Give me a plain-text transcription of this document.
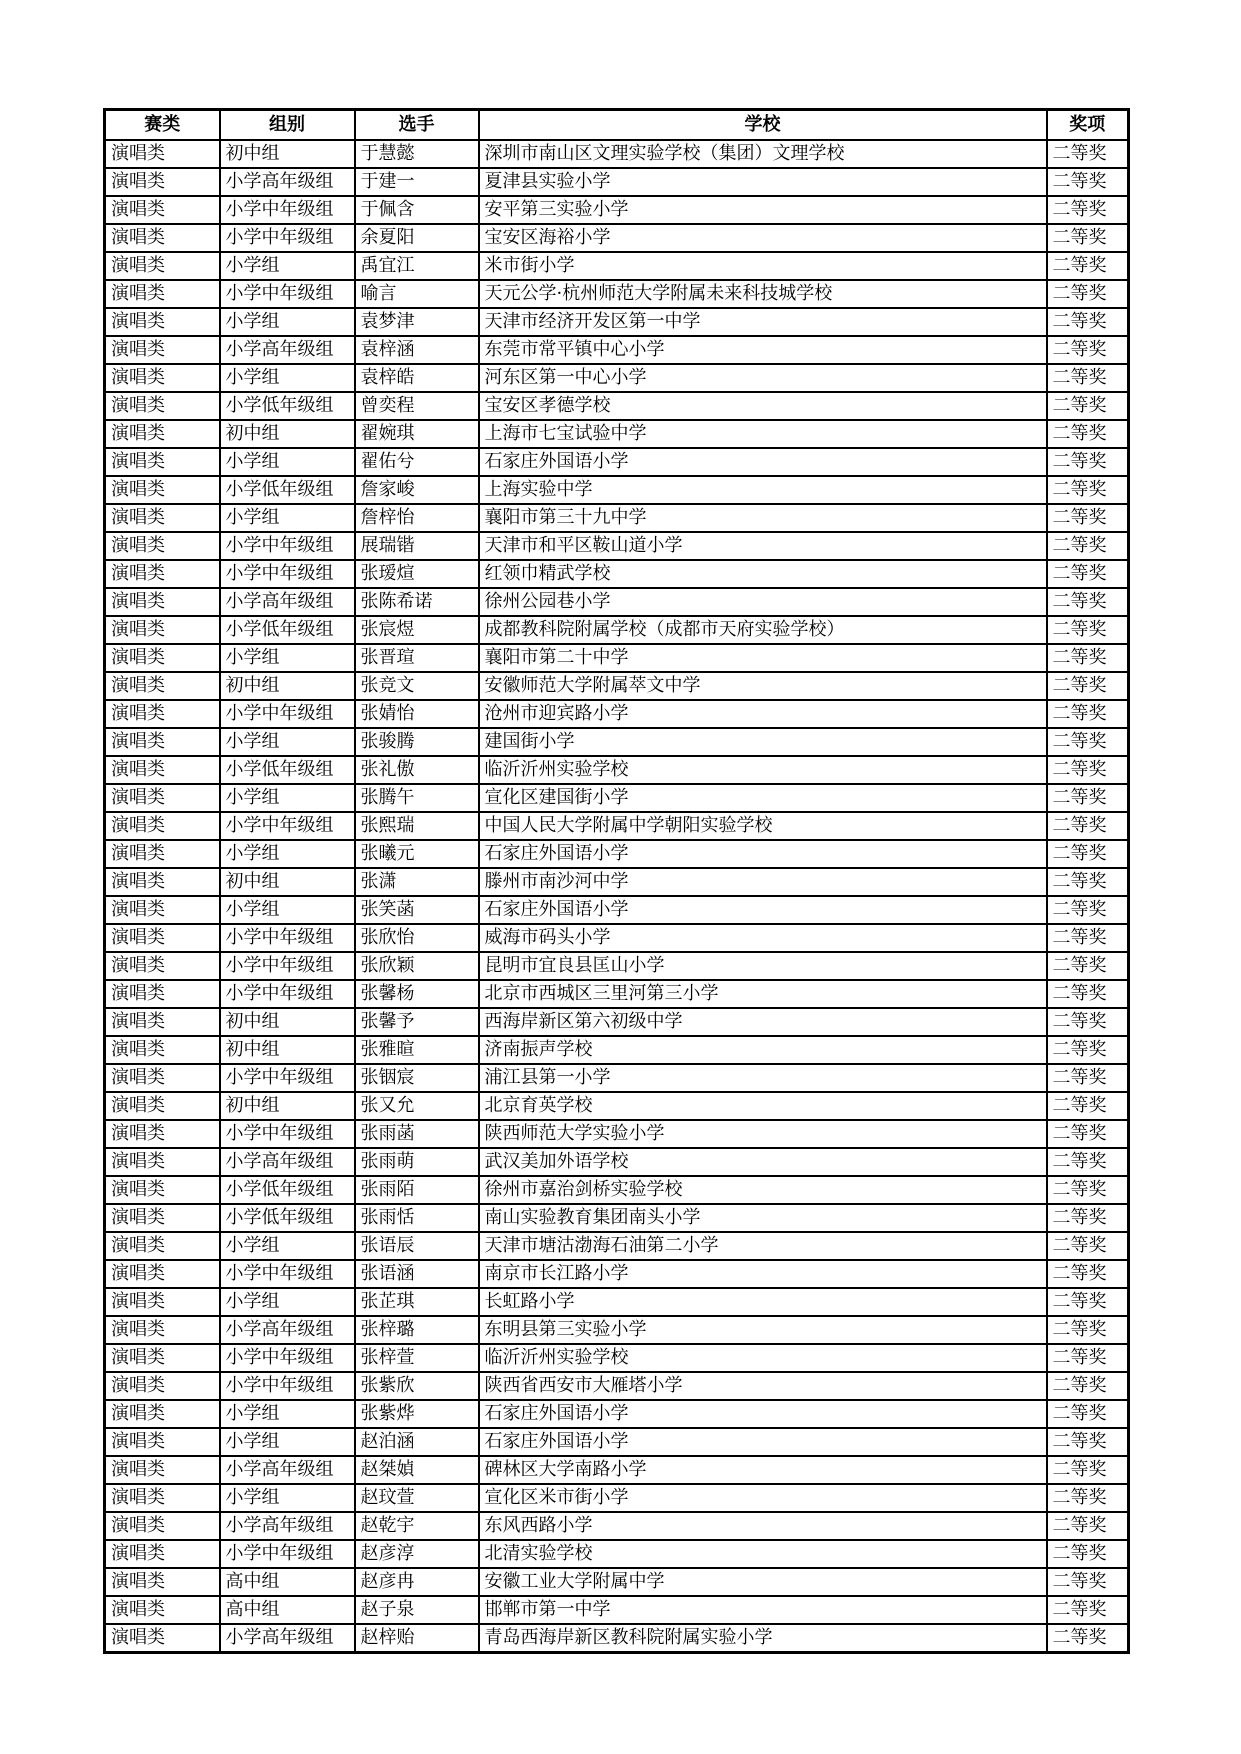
赛类	组别	选手	学校	奖项
演唱类	初中组	于慧懿	深圳市南山区文理实验学校（集团）文理学校	二等奖
演唱类	小学高年级组	于建一	夏津县实验小学	二等奖
演唱类	小学中年级组	于佩含	安平第三实验小学	二等奖
演唱类	小学中年级组	余夏阳	宝安区海裕小学	二等奖
演唱类	小学组	禹宜江	米市街小学	二等奖
演唱类	小学中年级组	喻言	天元公学·杭州师范大学附属未来科技城学校	二等奖
演唱类	小学组	袁梦津	天津市经济开发区第一中学	二等奖
演唱类	小学高年级组	袁梓涵	东莞市常平镇中心小学	二等奖
演唱类	小学组	袁梓皓	河东区第一中心小学	二等奖
演唱类	小学低年级组	曾奕程	宝安区孝德学校	二等奖
演唱类	初中组	翟婉琪	上海市七宝试验中学	二等奖
演唱类	小学组	翟佑兮	石家庄外国语小学	二等奖
演唱类	小学低年级组	詹家峻	上海实验中学	二等奖
演唱类	小学组	詹梓怡	襄阳市第三十九中学	二等奖
演唱类	小学中年级组	展瑞锴	天津市和平区鞍山道小学	二等奖
演唱类	小学中年级组	张瑷煊	红领巾精武学校	二等奖
演唱类	小学高年级组	张陈希诺	徐州公园巷小学	二等奖
演唱类	小学低年级组	张宸煜	成都教科院附属学校（成都市天府实验学校）	二等奖
演唱类	小学组	张晋瑄	襄阳市第二十中学	二等奖
演唱类	初中组	张竞文	安徽师范大学附属萃文中学	二等奖
演唱类	小学中年级组	张婧怡	沧州市迎宾路小学	二等奖
演唱类	小学组	张骏腾	建国街小学	二等奖
演唱类	小学低年级组	张礼傲	临沂沂州实验学校	二等奖
演唱类	小学组	张腾午	宣化区建国街小学	二等奖
演唱类	小学中年级组	张熙瑞	中国人民大学附属中学朝阳实验学校	二等奖
演唱类	小学组	张曦元	石家庄外国语小学	二等奖
演唱类	初中组	张潇	滕州市南沙河中学	二等奖
演唱类	小学组	张笑菡	石家庄外国语小学	二等奖
演唱类	小学中年级组	张欣怡	威海市码头小学	二等奖
演唱类	小学中年级组	张欣颖	昆明市宜良县匡山小学	二等奖
演唱类	小学中年级组	张馨杨	北京市西城区三里河第三小学	二等奖
演唱类	初中组	张馨予	西海岸新区第六初级中学	二等奖
演唱类	初中组	张雅暄	济南振声学校	二等奖
演唱类	小学中年级组	张铟宸	浦江县第一小学	二等奖
演唱类	初中组	张又允	北京育英学校	二等奖
演唱类	小学中年级组	张雨菡	陕西师范大学实验小学	二等奖
演唱类	小学高年级组	张雨萌	武汉美加外语学校	二等奖
演唱类	小学低年级组	张雨陌	徐州市嘉治剑桥实验学校	二等奖
演唱类	小学低年级组	张雨恬	南山实验教育集团南头小学	二等奖
演唱类	小学组	张语辰	天津市塘沽渤海石油第二小学	二等奖
演唱类	小学中年级组	张语涵	南京市长江路小学	二等奖
演唱类	小学组	张芷琪	长虹路小学	二等奖
演唱类	小学高年级组	张梓璐	东明县第三实验小学	二等奖
演唱类	小学中年级组	张梓萱	临沂沂州实验学校	二等奖
演唱类	小学中年级组	张紫欣	陕西省西安市大雁塔小学	二等奖
演唱类	小学组	张紫烨	石家庄外国语小学	二等奖
演唱类	小学组	赵泊涵	石家庄外国语小学	二等奖
演唱类	小学高年级组	赵桀媜	碑林区大学南路小学	二等奖
演唱类	小学组	赵玟萱	宣化区米市街小学	二等奖
演唱类	小学高年级组	赵乾宇	东风西路小学	二等奖
演唱类	小学中年级组	赵彦淳	北清实验学校	二等奖
演唱类	高中组	赵彦冉	安徽工业大学附属中学	二等奖
演唱类	高中组	赵子泉	邯郸市第一中学	二等奖
演唱类	小学高年级组	赵梓贻	青岛西海岸新区教科院附属实验小学	二等奖
